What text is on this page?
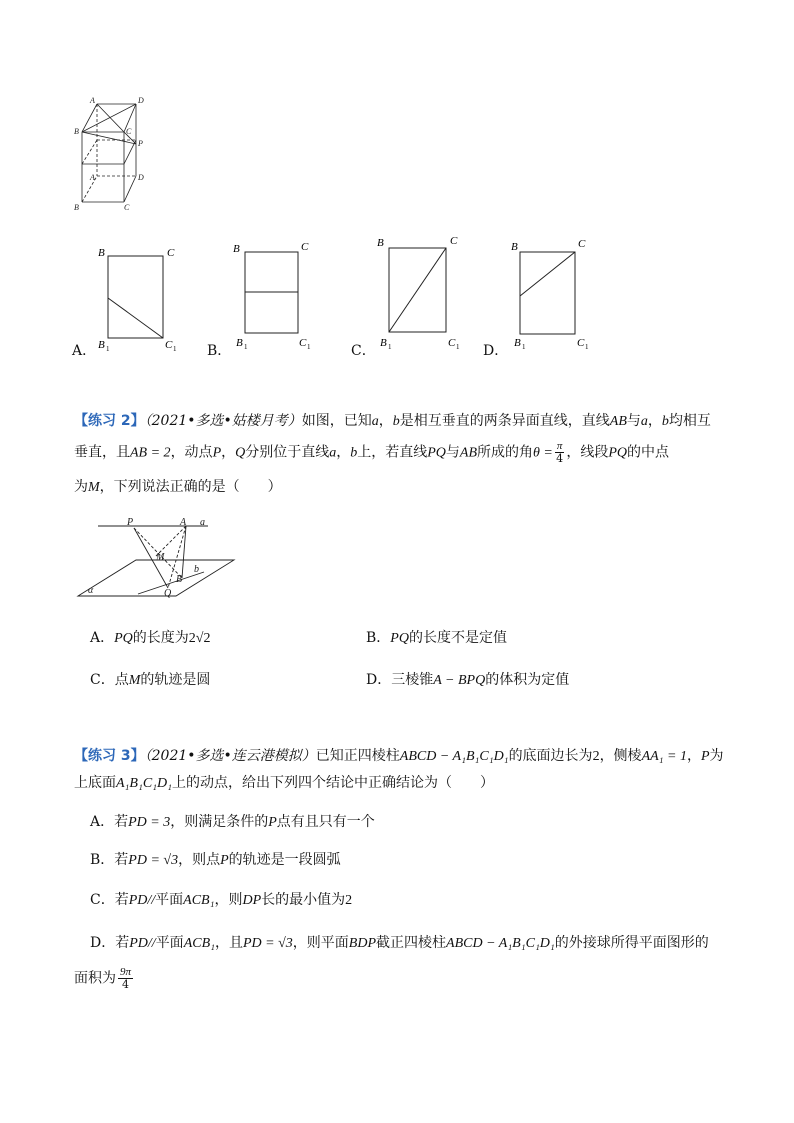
A	D
B	C
P
A	D
B	C
A．
B	C
B 1	C 1 B．
B	C
B 1	C 1	C．
B	C
B 1	C 1 D．
B	C
B 1	C 1
【练习 2】（2021•多选•姑楼月考）如图，已知a，b是相互垂直的两条异面直线，直线AB与a，b均相互
垂直，且AB = 2，动点P，Q分别位于直线a，b上，若直线PQ与AB所成的角$\theta = \frac{\pi}{4}$ ，线段PQ的中点
为M，下列说法正确的是（　　）
P	A a
M
B
b
Q
α
A．PQ的长度为2√2	B．PQ的长度不是定值
C．点M的轨迹是圆	D．三棱锥A − BPQ的体积为定值
【练习 3】（2021•多选•连云港模拟）已知正四棱柱ABCD − A₁B₁C₁D₁的底面边长为2，侧棱AA₁ = 1，P为
上底面A₁B₁C₁D₁上的动点，给出下列四个结论中正确结论为（　　）
A．若PD = 3，则满足条件的P点有且只有一个
B．若PD = √3，则点P的轨迹是一段圆弧
C．若PD//平面ACB₁，则DP长的最小值为2
D．若PD//平面ACB₁，且PD = √3，则平面BDP截正四棱柱ABCD − A₁B₁C₁D₁的外接球所得平面图形的
面积为 $\frac{9\pi}{4}$
